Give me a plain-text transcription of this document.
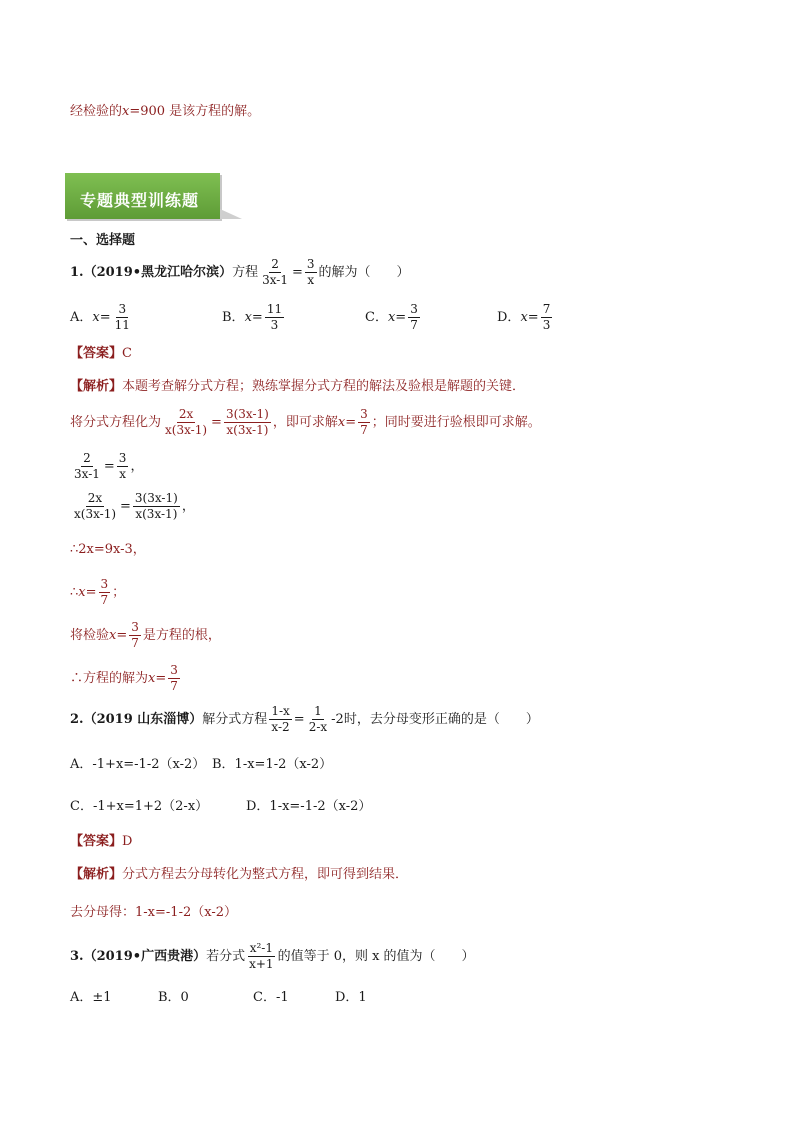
经检验的 x =900 是该方程的解。
专题典型训练题
一、选择题
1. （2019•黑龙江哈尔滨） 方程 $\frac{2}{3x-1} = \frac{3}{x}$ 的解为（　　）
A． $x = \frac{3}{11}$	B． $x = \frac{11}{3}$	C． $x = \frac{3}{7}$	D． $x = \frac{7}{3}$
【答案】 C
【解析】 本题考查解分式方程；熟练掌握分式方程的解法及验根是解题的关键．
将分式方程化为 $\frac{2x}{x(3x-1)} = \frac{3(3x-1)}{x(3x-1)}$ ，即可求解 $x = \frac{3}{7}$ ；同时要进行验根即可求解。
$\frac{2}{3x-1} = \frac{3}{x}$ ，
$\frac{2x}{x(3x-1)} = \frac{3(3x-1)}{x(3x-1)}$ ，
∴2x=9x-3，
∴ $x = \frac{3}{7}$ ；
将检验 $x = \frac{3}{7}$ 是方程的根，
∴方程的解为 $x = \frac{3}{7}$
2. （2019 山东淄博） 解分式方程 $\frac{1-x}{x-2} = \frac{1}{2-x} -2$时，去分母变形正确的是（　　）
A．-1+x=-1-2（x-2） B．1-x=1-2（x-2）
C．-1+x=1+2（2-x）	D．1-x=-1-2（x-2）
【答案】 D
【解析】 分式方程去分母转化为整式方程，即可得到结果．
去分母得： 1-x=-1-2（x-2）
3. （2019•广西贵港） 若分式 $\frac{\text{x²-1}}{x+1}$ 的值等于 0，则 x 的值为（　　）
A．±1	B．0	C．-1	D．1
